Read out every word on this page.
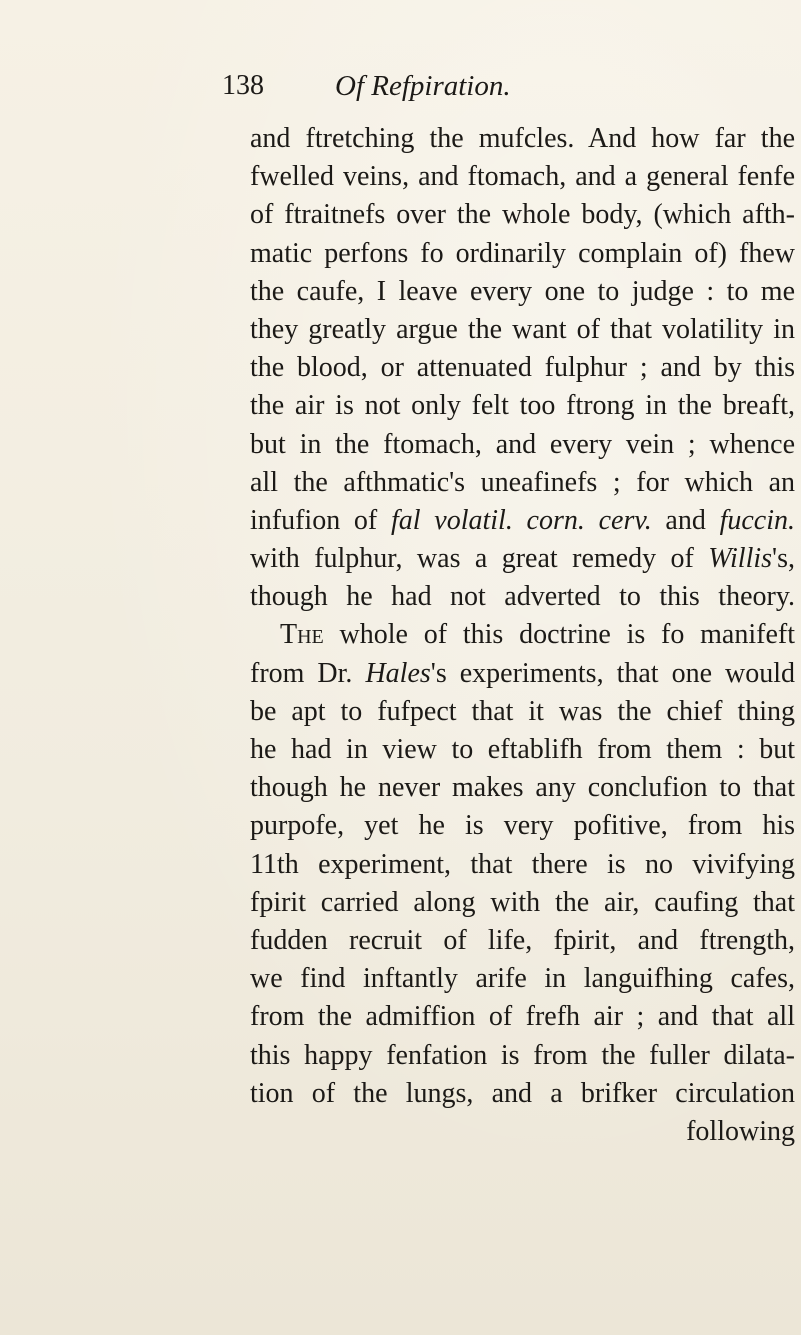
138 Of Refpiration.
and ftretching the mufcles. And how far the
fwelled veins, and ftomach, and a general fenfe
of ftraitnefs over the whole body, (which afth-
matic perfons fo ordinarily complain of) fhew
the caufe, I leave every one to judge : to me
they greatly argue the want of that volatility in
the blood, or attenuated fulphur ; and by this
the air is not only felt too ftrong in the breaft,
but in the ftomach, and every vein ; whence
all the afthmatic's uneafinefs ; for which an
infufion of fal volatil. corn. cerv. and fuccin.
with fulphur, was a great remedy of Willis's,
though he had not adverted to this theory.
The whole of this doctrine is fo manifeft
from Dr. Hales's experiments, that one would
be apt to fufpect that it was the chief thing
he had in view to eftablifh from them : but
though he never makes any conclufion to that
purpofe, yet he is very pofitive, from his
11th experiment, that there is no vivifying
fpirit carried along with the air, caufing that
fudden recruit of life, fpirit, and ftrength,
we find inftantly arife in languifhing cafes,
from the admiffion of frefh air ; and that all
this happy fenfation is from the fuller dilata-
tion of the lungs, and a brifker circulation
following
